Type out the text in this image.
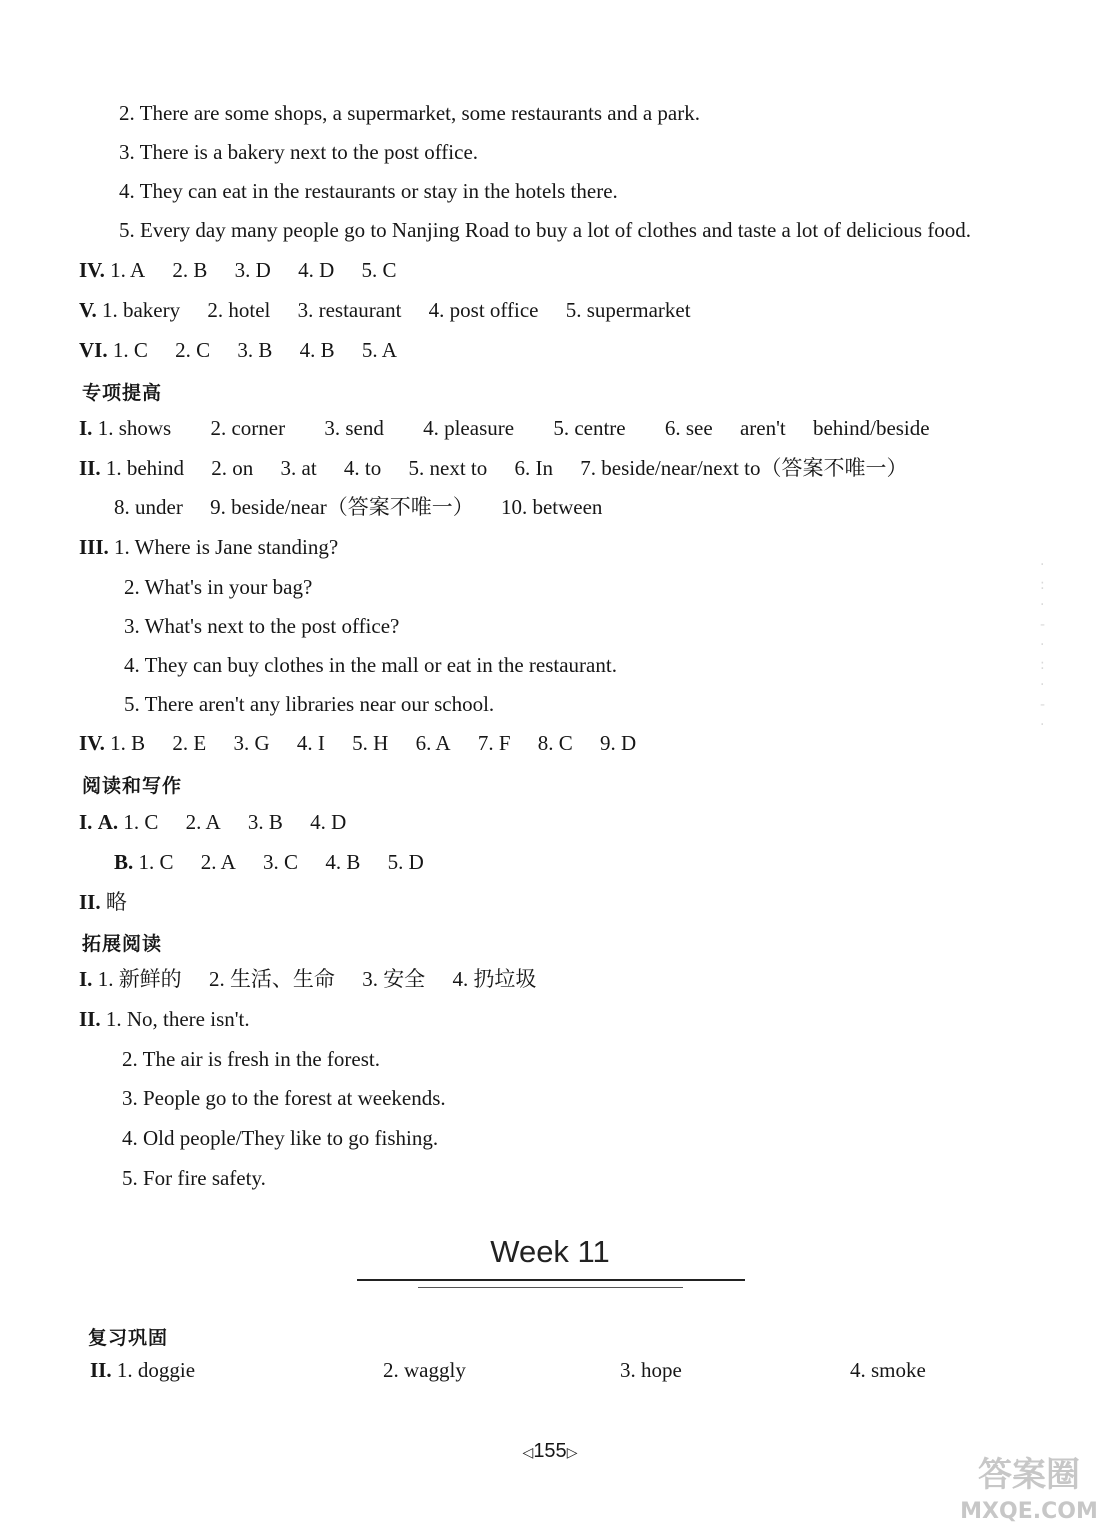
2. There are some shops, a supermarket, some restaurants and a park.
3. There is a bakery next to the post office.
4. They can eat in the restaurants or stay in the hotels there.
5. Every day many people go to Nanjing Road to buy a lot of clothes and taste a lot of delicious food.
IV. 1. A 2. B 3. D 4. D 5. C
V. 1. bakery 2. hotel 3. restaurant 4. post office 5. supermarket
VI. 1. C 2. C 3. B 4. B 5. A
专项提高
I. 1. shows 2. corner 3. send 4. pleasure 5. centre 6. see aren't behind/beside
II. 1. behind 2. on 3. at 4. to 5. next to 6. In 7. beside/near/next to（答案不唯一）
8. under 9. beside/near（答案不唯一） 10. between
III. 1. Where is Jane standing?
2. What's in your bag?
3. What's next to the post office?
4. They can buy clothes in the mall or eat in the restaurant.
5. There aren't any libraries near our school.
IV. 1. B 2. E 3. G 4. I 5. H 6. A 7. F 8. C 9. D
阅读和写作
I. A. 1. C 2. A 3. B 4. D
B. 1. C 2. A 3. C 4. B 5. D
II. 略
拓展阅读
I. 1. 新鲜的 2. 生活、生命 3. 安全 4. 扔垃圾
II. 1. No, there isn't.
2. The air is fresh in the forest.
3. People go to the forest at weekends.
4. Old people/They like to go fishing.
5. For fire safety.
Week 11
复习巩固
II. 1. doggie	2. waggly	3. hope	4. smoke
·
:
·
-
·
:
·
-
·
◁155▷
答案圈
MXQE.COM
